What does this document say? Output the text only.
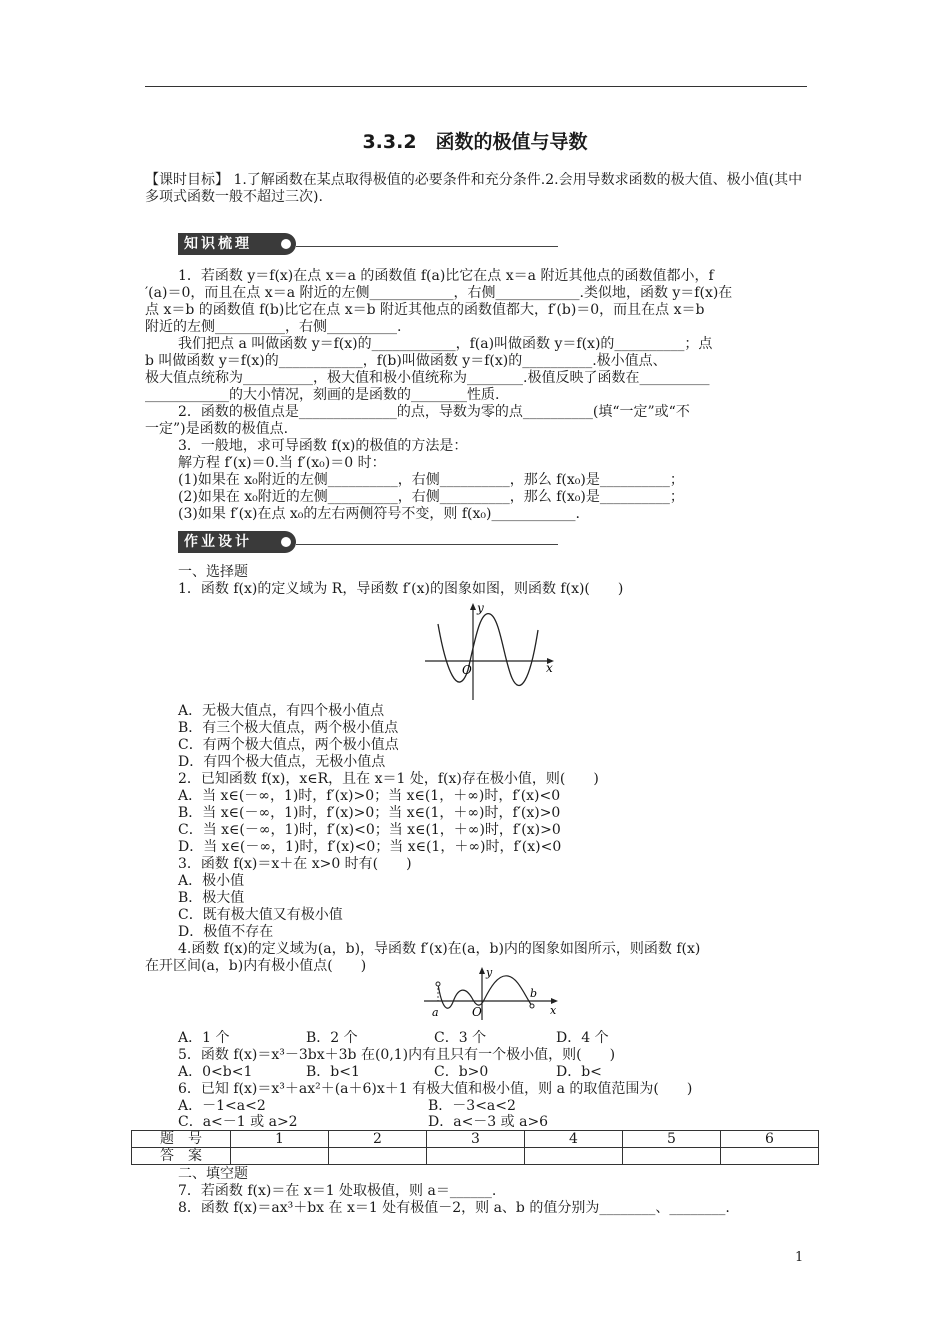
3.3.2　函数的极值与导数
【课时目标】 1.了解函数在某点取得极值的必要条件和充分条件.2.会用导数求函数的极大值、极小值(其中多项式函数一般不超过三次).
知识梳理
1．若函数 y＝f(x)在点 x＝a 的函数值 f(a)比它在点 x＝a 附近其他点的函数值都小，f
′(a)＝0，而且在点 x＝a 附近的左侧____________，右侧____________.类似地，函数 y＝f(x)在
点 x＝b 的函数值 f(b)比它在点 x＝b 附近其他点的函数值都大，f′(b)＝0，而且在点 x＝b
附近的左侧__________，右侧__________.
我们把点 a 叫做函数 y＝f(x)的____________，f(a)叫做函数 y＝f(x)的__________；点
b 叫做函数 y＝f(x)的____________，f(b)叫做函数 y＝f(x)的__________.极小值点、
极大值点统称为__________，极大值和极小值统称为________.极值反映了函数在__________
____________的大小情况，刻画的是函数的________性质.
2．函数的极值点是______________的点，导数为零的点__________(填“一定”或“不
一定”)是函数的极值点.
3．一般地，求可导函数 f(x)的极值的方法是：
解方程 f′(x)＝0.当 f′(x₀)＝0 时：
(1)如果在 x₀附近的左侧__________，右侧__________，那么 f(x₀)是__________；
(2)如果在 x₀附近的左侧__________，右侧__________，那么 f(x₀)是__________；
(3)如果 f′(x)在点 x₀的左右两侧符号不变，则 f(x₀)____________.
作业设计
一、选择题
1．函数 f(x)的定义域为 R，导函数 f′(x)的图象如图，则函数 f(x)(　　)
y
x
O
A．无极大值点，有四个极小值点
B．有三个极大值点，两个极小值点
C．有两个极大值点，两个极小值点
D．有四个极大值点，无极小值点
2．已知函数 f(x)，x∈R，且在 x＝1 处，f(x)存在极小值，则(　　)
A．当 x∈(－∞，1)时，f′(x)>0；当 x∈(1，＋∞)时，f′(x)<0
B．当 x∈(－∞，1)时，f′(x)>0；当 x∈(1，＋∞)时，f′(x)>0
C．当 x∈(－∞，1)时，f′(x)<0；当 x∈(1，＋∞)时，f′(x)>0
D．当 x∈(－∞，1)时，f′(x)<0；当 x∈(1，＋∞)时，f′(x)<0
3．函数 f(x)＝x＋在 x>0 时有(　　)
A．极小值
B．极大值
C．既有极大值又有极小值
D．极值不存在
4.函数 f(x)的定义域为(a，b)，导函数 f′(x)在(a，b)内的图象如图所示，则函数 f(x)
在开区间(a，b)内有极小值点(　　)	y
x
O
a
b
A．1 个	B．2 个	C．3 个	D．4 个
5．函数 f(x)＝x³－3bx＋3b 在(0,1)内有且只有一个极小值，则(　　)
A．0<b<1	B．b<1	C．b>0	D．b<
6．已知 f(x)＝x³＋ax²＋(a＋6)x＋1 有极大值和极小值，则 a 的取值范围为(　　)
A．－1<a<2	B．－3<a<2
C．a<－1 或 a>2	D．a<－3 或 a>6
题　号	1	2	3	4	5	6
答　案						
二、填空题
7．若函数 f(x)＝在 x＝1 处取极值，则 a＝______.
8．函数 f(x)＝ax³＋bx 在 x＝1 处有极值－2，则 a、b 的值分别为________、________.
1
